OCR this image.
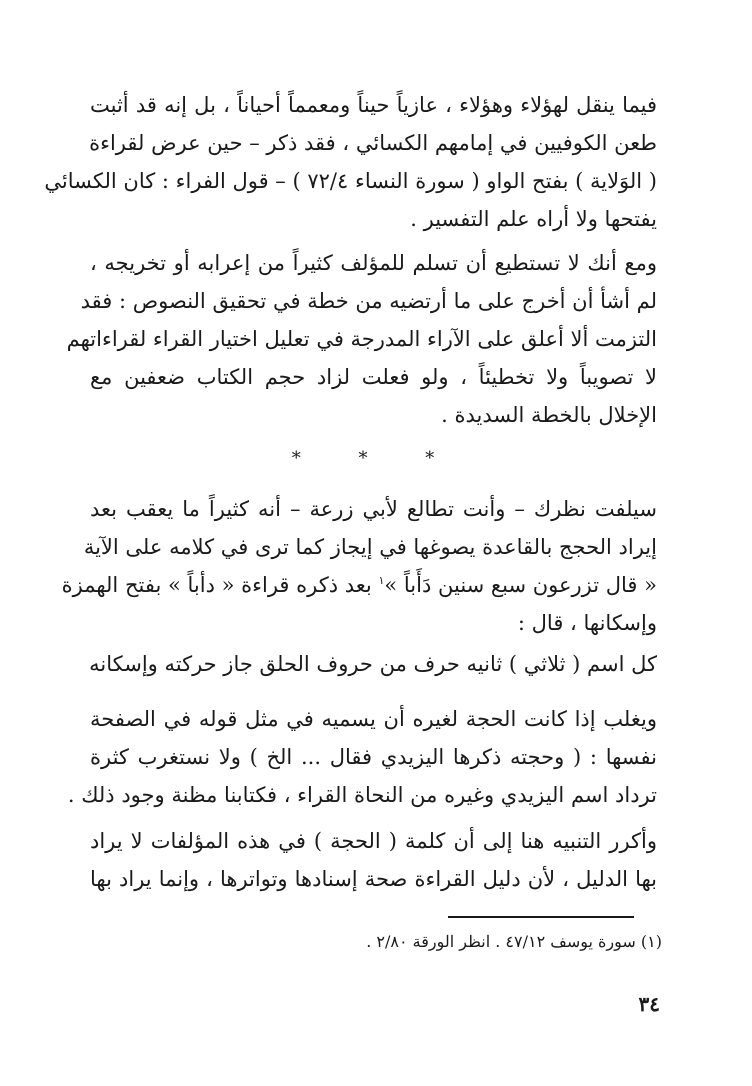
فيما ينقل لهؤلاء وهؤلاء ، عازياً حيناً ومعمماً أحياناً ، بل إنه قد أثبت
طعن الكوفيين في إمامهم الكسائي ، فقد ذكر – حين عرض لقراءة
( الوَلاية ) بفتح الواو ( سورة النساء ٧٢/٤ ) – قول الفراء : كان الكسائي
يفتحها ولا أراه علم التفسير .
ومع أنك لا تستطيع أن تسلم للمؤلف كثيراً من إعرابه أو تخريجه ،
لم أشأ أن أخرج على ما أرتضيه من خطة في تحقيق النصوص : فقد
التزمت ألا أعلق على الآراء المدرجة في تعليل اختيار القراء لقراءاتهم
لا تصويباً ولا تخطيئاً ، ولو فعلت لزاد حجم الكتاب ضعفين مع
الإخلال بالخطة السديدة .
* * *
سيلفت نظرك – وأنت تطالع لأبي زرعة – أنه كثيراً ما يعقب بعد
إيراد الحجج بالقاعدة يصوغها في إيجاز كما ترى في كلامه على الآية
« قال تزرعون سبع سنين دَأَباً »$^١$ بعد ذكره قراءة « دأباً » بفتح الهمزة
وإسكانها ، قال :
كل اسم ( ثلاثي ) ثانيه حرف من حروف الحلق جاز حركته وإسكانه
ويغلب إذا كانت الحجة لغيره أن يسميه في مثل قوله في الصفحة
نفسها : ( وحجته ذكرها اليزيدي فقال ... الخ ) ولا نستغرب كثرة
ترداد اسم اليزيدي وغيره من النحاة القراء ، فكتابنا مظنة وجود ذلك .
وأكرر التنبيه هنا إلى أن كلمة ( الحجة ) في هذه المؤلفات لا يراد
بها الدليل ، لأن دليل القراءة صحة إسنادها وتواترها ، وإنما يراد بها
(١) سورة يوسف ٤٧/١٢ . انظر الورقة ٢/٨٠ .
٣٤
